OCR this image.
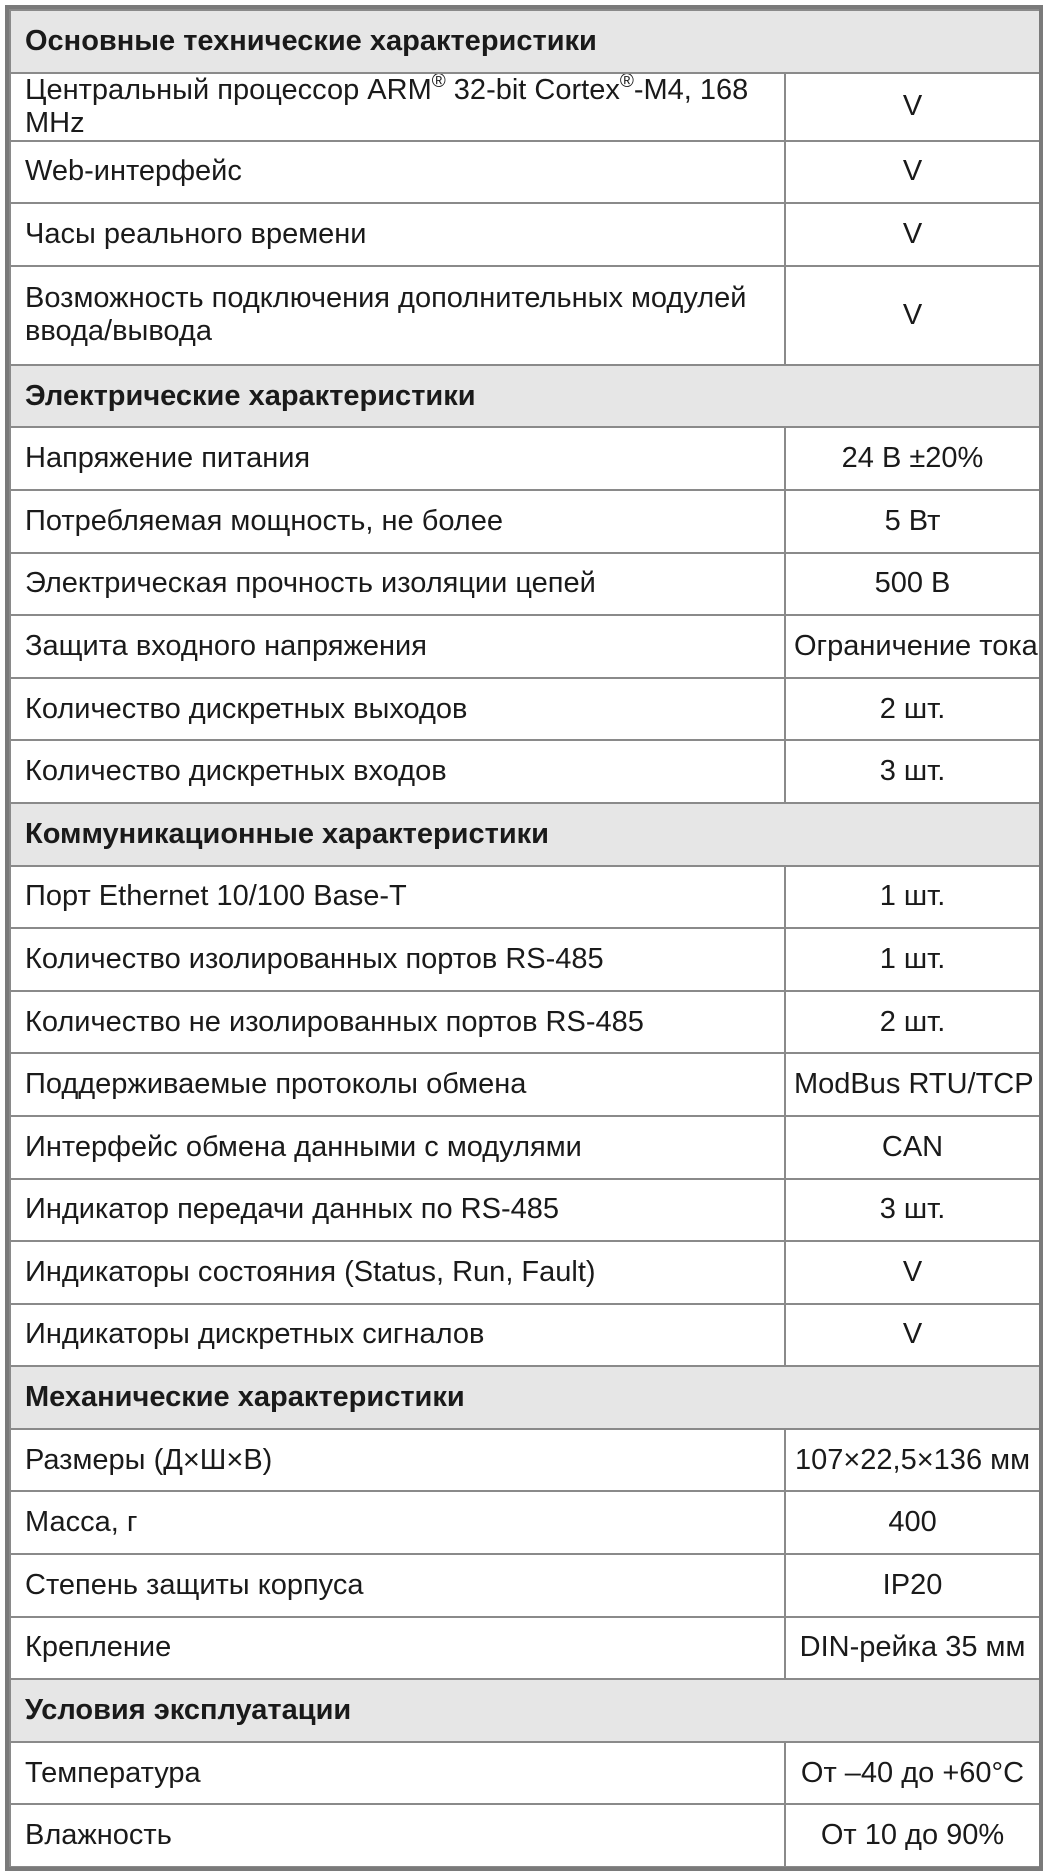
Основные технические характеристики	
Центральный процессор ARM® 32-bit Cortex®-M4, 168 MHz	V
Web-интерфейс	V
Часы реального времени	V
Возможность подключения дополнительных модулей ввода/вывода	V
Электрические характеристики	
Напряжение питания	24 В ±20%
Потребляемая мощность, не более	5 Вт
Электрическая прочность изоляции цепей	500 В
Защита входного напряжения	Ограничение тока
Количество дискретных выходов	2 шт.
Количество дискретных входов	3 шт.
Коммуникационные характеристики	
Порт Ethernet 10/100 Base-T	1 шт.
Количество изолированных портов RS-485	1 шт.
Количество не изолированных портов RS-485	2 шт.
Поддерживаемые протоколы обмена	ModBus RTU/TCP
Интерфейс обмена данными с модулями	CAN
Индикатор передачи данных по RS-485	3 шт.
Индикаторы состояния (Status, Run, Fault)	V
Индикаторы дискретных сигналов	V
Механические характеристики	
Размеры (Д×Ш×В)	107×22,5×136 мм
Масса, г	400
Степень защиты корпуса	IP20
Крепление	DIN-рейка 35 мм
Условия эксплуатации	
Температура	От –40 до +60°C
Влажность	От 10 до 90%
